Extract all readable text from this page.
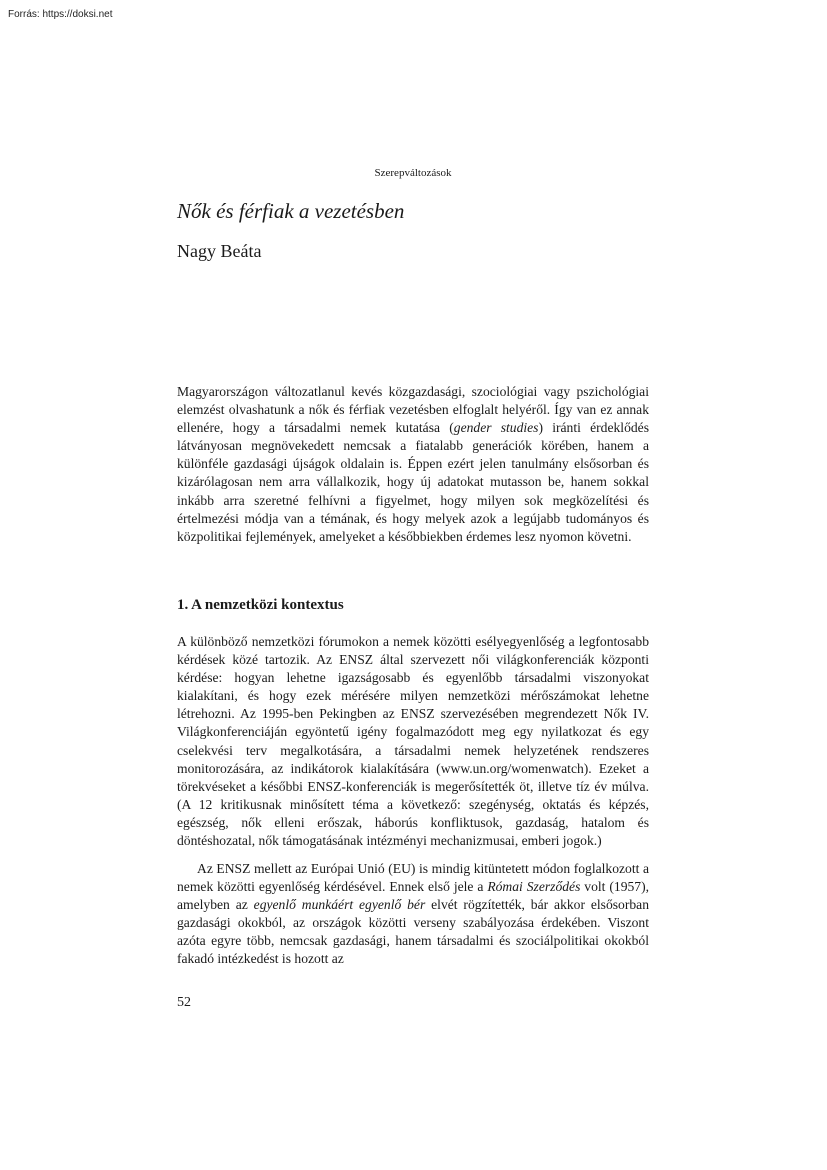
Forrás: https://doksi.net
Szerepváltozások
Nők és férfiak a vezetésben
Nagy Beáta

Magyarországon változatlanul kevés közgazdasági, szociológiai vagy pszichológiai elemzést olvashatunk a nők és férfiak vezetésben elfoglalt helyéről. Így van ez annak ellenére, hogy a társadalmi nemek kutatása (gender studies) iránti érdeklődés látványosan megnövekedett nemcsak a fiatalabb generációk körében, hanem a különféle gazdasági újságok oldalain is. Éppen ezért jelen tanulmány elsősorban és kizárólagosan nem arra vállalkozik, hogy új adatokat mutasson be, hanem sokkal inkább arra szeretné felhívni a figyelmet, hogy milyen sok megközelítési és értelmezési módja van a témának, és hogy melyek azok a legújabb tudományos és közpolitikai fejlemények, amelyeket a későbbiekben érdemes lesz nyomon követni.

1. A nemzetközi kontextus

A különböző nemzetközi fórumokon a nemek közötti esélyegyenlőség a legfontosabb kérdések közé tartozik. Az ENSZ által szervezett női világkonferenciák központi kérdése: hogyan lehetne igazságosabb és egyenlőbb társadalmi viszonyokat kialakítani, és hogy ezek mérésére milyen nemzetközi mérőszámokat lehetne létrehozni. Az 1995-ben Pekingben az ENSZ szervezésében megrendezett Nők IV. Világkonferenciáján egyöntetű igény fogalmazódott meg egy nyilatkozat és egy cselekvési terv megalkotására, a társadalmi nemek helyzetének rendszeres monitorozására, az indikátorok kialakítására (www.un.org/womenwatch). Ezeket a törekvéseket a későbbi ENSZ-konferenciák is megerősítették öt, illetve tíz év múlva. (A 12 kritikusnak minősített téma a következő: szegénység, oktatás és képzés, egészség, nők elleni erőszak, háborús konfliktusok, gazdaság, hatalom és döntéshozatal, nők támogatásának intézményi mechanizmusai, emberi jogok.)

Az ENSZ mellett az Európai Unió (EU) is mindig kitüntetett módon foglalkozott a nemek közötti egyenlőség kérdésével. Ennek első jele a Római Szerződés volt (1957), amelyben az egyenlő munkáért egyenlő bér elvét rögzítették, bár akkor elsősorban gazdasági okokból, az országok közötti verseny szabályozása érdekében. Viszont azóta egyre több, nemcsak gazdasági, hanem társadalmi és szociálpolitikai okokból fakadó intézkedést is hozott az

52
